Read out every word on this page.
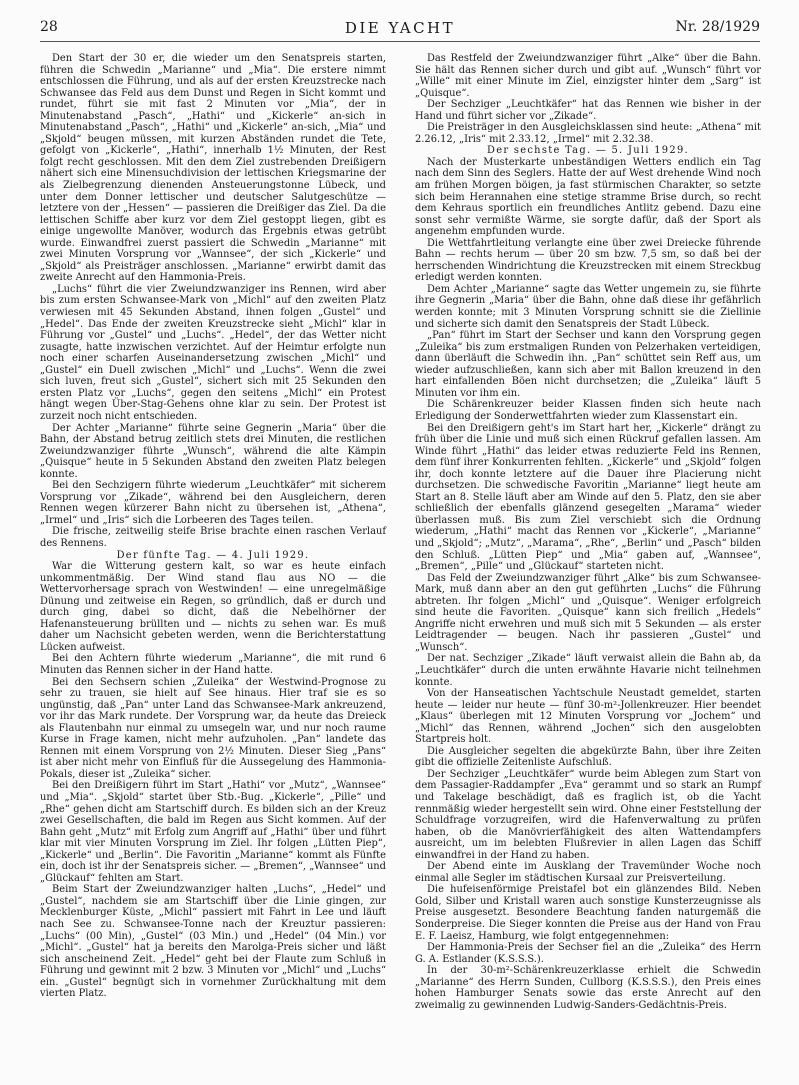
28	DIE YACHT	Nr. 28/1929

Den Start der 30 er, die wieder um den Senatspreis starten, führen die Schwedin „Marianne“ und „Mia“. Die erstere nimmt entschlossen die Führung, und als auf der ersten Kreuzstrecke nach Schwansee das Feld aus dem Dunst und Regen in Sicht kommt und rundet, führt sie mit fast 2 Minuten vor „Mia“, der in Minutenabstand „Pasch“, „Hathi“ und „Kickerle“ an-sich in Minutenabstand „Pasch“, „Hathi“ und „Kickerle“ an-sich, „Mia“ und „Skjold“ beugen müssen, mit kurzen Abständen rundet die Tete, gefolgt von „Kickerle“, „Hathi“, innerhalb 1½ Minuten, der Rest folgt recht geschlossen. Mit den dem Ziel zustrebenden Dreißigern nähert sich eine Minensuchdivision der lettischen Kriegsmarine der als Zielbegrenzung dienenden Ansteuerungstonne Lübeck, und unter dem Donner lettischer und deutscher Salutgeschütze — letztere von der „Hessen“ — passieren die Dreißiger das Ziel. Da die lettischen Schiffe aber kurz vor dem Ziel gestoppt liegen, gibt es einige ungewollte Manöver, wodurch das Ergebnis etwas getrübt wurde. Einwandfrei zuerst passiert die Schwedin „Marianne“ mit zwei Minuten Vorsprung vor „Wannsee“, der sich „Kickerle“ und „Skjold“ als Preisträger anschlossen. „Marianne“ erwirbt damit das zweite Anrecht auf den Hammonia-Preis.

„Luchs“ führt die vier Zweiundzwanziger ins Rennen, wird aber bis zum ersten Schwansee-Mark von „Michl“ auf den zweiten Platz verwiesen mit 45 Sekunden Abstand, ihnen folgen „Gustel“ und „Hedel“. Das Ende der zweiten Kreuzstrecke sieht „Michl“ klar in Führung vor „Gustel“ und „Luchs“. „Hedel“, der das Wetter nicht zusagte, hatte inzwischen verzichtet. Auf der Heimtur erfolgte nun noch einer scharfen Auseinandersetzung zwischen „Michl“ und „Gustel“ ein Duell zwischen „Michl“ und „Luchs“. Wenn die zwei sich luven, freut sich „Gustel“, sichert sich mit 25 Sekunden den ersten Platz vor „Luchs“, gegen den seitens „Michl“ ein Protest hängt wegen Über-Stag-Gehens ohne klar zu sein. Der Protest ist zurzeit noch nicht entschieden.

Der Achter „Marianne“ führte seine Gegnerin „Maria“ über die Bahn, der Abstand betrug zeitlich stets drei Minuten, die restlichen Zweiundzwanziger führte „Wunsch“, während die alte Kämpin „Quisque“ heute in 5 Sekunden Abstand den zweiten Platz belegen konnte.

Bei den Sechzigern führte wiederum „Leuchtkäfer“ mit sicherem Vorsprung vor „Zikade“, während bei den Ausgleichern, deren Rennen wegen kürzerer Bahn nicht zu übersehen ist, „Athena“, „Irmel“ und „Iris“ sich die Lorbeeren des Tages teilen.

Die frische, zeitweilig steife Brise brachte einen raschen Verlauf des Rennens.

Der fünfte Tag. — 4. Juli 1929.

War die Witterung gestern kalt, so war es heute einfach unkommentmäßig. Der Wind stand flau aus NO — die Wettervorhersage sprach von Westwinden! — eine unregelmäßige Dünung und zeitweise ein Regen, so gründlich, daß er durch und durch ging, dabei so dicht, daß die Nebelhörner der Hafenansteuerung brüllten und — nichts zu sehen war. Es muß daher um Nachsicht gebeten werden, wenn die Berichterstattung Lücken aufweist.

Bei den Achtern führte wiederum „Marianne“, die mit rund 6 Minuten das Rennen sicher in der Hand hatte.

Bei den Sechsern schien „Zuleika“ der Westwind-Prognose zu sehr zu trauen, sie hielt auf See hinaus. Hier traf sie es so ungünstig, daß „Pan“ unter Land das Schwansee-Mark ankreuzend, vor ihr das Mark rundete. Der Vorsprung war, da heute das Dreieck als Flautenbahn nur einmal zu umsegeln war, und nur noch raume Kurse in Frage kamen, nicht mehr aufzuholen. „Pan“ landete das Rennen mit einem Vorsprung von 2½ Minuten. Dieser Sieg „Pans“ ist aber nicht mehr von Einfluß für die Aussegelung des Hammonia-Pokals, dieser ist „Zuleika“ sicher.

Bei den Dreißigern führt im Start „Hathi“ vor „Mutz“, „Wannsee“ und „Mia“. „Skjold“ startet über Stb.-Bug. „Kickerle“, „Pille“ und „Rhe“ gehen dicht am Startschiff durch. Es bilden sich an der Kreuz zwei Gesellschaften, die bald im Regen aus Sicht kommen. Auf der Bahn geht „Mutz“ mit Erfolg zum Angriff auf „Hathi“ über und führt klar mit vier Minuten Vorsprung im Ziel. Ihr folgen „Lütten Piep“, „Kickerle“ und „Berlin“. Die Favoritin „Marianne“ kommt als Fünfte ein, doch ist ihr der Senatspreis sicher. — „Bremen“, „Wannsee“ und „Glückauf“ fehlten am Start.

Beim Start der Zweiundzwanziger halten „Luchs“, „Hedel“ und „Gustel“, nachdem sie am Startschiff über die Linie gingen, zur Mecklenburger Küste, „Michl“ passiert mit Fahrt in Lee und läuft nach See zu. Schwansee-Tonne nach der Kreuztur passieren: „Luchs“ (00 Min), „Gustel“ (03 Min.) und „Hedel“ (04 Min.) vor „Michl“. „Gustel“ hat ja bereits den Marolga-Preis sicher und läßt sich anscheinend Zeit. „Hedel“ geht bei der Flaute zum Schluß in Führung und gewinnt mit 2 bzw. 3 Minuten vor „Michl“ und „Luchs“ ein. „Gustel“ begnügt sich in vornehmer Zurückhaltung mit dem vierten Platz.

Das Restfeld der Zweiundzwanziger führt „Alke“ über die Bahn. Sie hält das Rennen sicher durch und gibt auf. „Wunsch“ führt vor „Wille“ mit einer Minute im Ziel, einzigster hinter dem „Sarg“ ist „Quisque“.

Der Sechziger „Leuchtkäfer“ hat das Rennen wie bisher in der Hand und führt sicher vor „Zikade“.

Die Preisträger in den Ausgleichsklassen sind heute: „Athena“ mit 2.26.12, „Iris“ mit 2.33.12, „Irmel“ mit 2.32.38.

Der sechste Tag. — 5. Juli 1929.

Nach der Musterkarte unbeständigen Wetters endlich ein Tag nach dem Sinn des Seglers. Hatte der auf West drehende Wind noch am frühen Morgen böigen, ja fast stürmischen Charakter, so setzte sich beim Herannahen eine stetige stramme Brise durch, so recht dem Kehraus sportlich ein freundliches Antlitz gebend. Dazu eine sonst sehr vermißte Wärme, sie sorgte dafür, daß der Sport als angenehm empfunden wurde.

Die Wettfahrtleitung verlangte eine über zwei Dreiecke führende Bahn — rechts herum — über 20 sm bzw. 7,5 sm, so daß bei der herrschenden Windrichtung die Kreuzstrecken mit einem Streckbug erledigt werden konnten.

Dem Achter „Marianne“ sagte das Wetter ungemein zu, sie führte ihre Gegnerin „Maria“ über die Bahn, ohne daß diese ihr gefährlich werden konnte; mit 3 Minuten Vorsprung schnitt sie die Ziellinie und sicherte sich damit den Senatspreis der Stadt Lübeck.

„Pan“ führt im Start der Sechser und kann den Vorsprung gegen „Zuleika“ bis zum erstmaligen Runden von Pelzerhaken verteidigen, dann überläuft die Schwedin ihn. „Pan“ schüttet sein Reff aus, um wieder aufzuschließen, kann sich aber mit Ballon kreuzend in den hart einfallenden Böen nicht durchsetzen; die „Zuleika“ läuft 5 Minuten vor ihm ein.

Die Schärenkreuzer beider Klassen finden sich heute nach Erledigung der Sonderwettfahrten wieder zum Klassenstart ein.

Bei den Dreißigern geht's im Start hart her, „Kickerle“ drängt zu früh über die Linie und muß sich einen Rückruf gefallen lassen. Am Winde führt „Hathi“ das leider etwas reduzierte Feld ins Rennen, dem fünf ihrer Konkurrenten fehlten. „Kickerle“ und „Skjold“ folgen ihr, doch konnte letztere auf die Dauer ihre Placierung nicht durchsetzen. Die schwedische Favoritin „Marianne“ liegt heute am Start an 8. Stelle läuft aber am Winde auf den 5. Platz, den sie aber schließlich der ebenfalls glänzend gesegelten „Marama“ wieder überlassen muß. Bis zum Ziel verschiebt sich die Ordnung wiederum, „Hathi“ macht das Rennen vor „Kickerle“, „Marianne“ und „Skjold“; „Mutz“, „Marama“, „Rhe“, „Berlin“ und „Pasch“ bilden den Schluß. „Lütten Piep“ und „Mia“ gaben auf, „Wannsee“, „Bremen“, „Pille“ und „Glückauf“ starteten nicht.

Das Feld der Zweiundzwanziger führt „Alke“ bis zum Schwansee-Mark, muß dann aber an den gut geführten „Luchs“ die Führung abtreten. Ihr folgen „Michl“ und „Quisque“. Weniger erfolgreich sind heute die Favoriten. „Quisque“ kann sich freilich „Hedels“ Angriffe nicht erwehren und muß sich mit 5 Sekunden — als erster Leidtragender — beugen. Nach ihr passieren „Gustel“ und „Wunsch“.

Der nat. Sechziger „Zikade“ läuft verwaist allein die Bahn ab, da „Leuchtkäfer“ durch die unten erwähnte Havarie nicht teilnehmen konnte.

Von der Hanseatischen Yachtschule Neustadt gemeldet, starten heute — leider nur heute — fünf 30-m²-Jollenkreuzer. Hier beendet „Klaus“ überlegen mit 12 Minuten Vorsprung vor „Jochem“ und „Michl“ das Rennen, während „Jochen“ sich den ausgelobten Startpreis holt.

Die Ausgleicher segelten die abgekürzte Bahn, über ihre Zeiten gibt die offizielle Zeitenliste Aufschluß.

Der Sechziger „Leuchtkäfer“ wurde beim Ablegen zum Start von dem Passagier-Raddampfer „Eva“ gerammt und so stark an Rumpf und Takelage beschädigt, daß es fraglich ist, ob die Yacht rennmäßig wieder hergestellt sein wird. Ohne einer Feststellung der Schuldfrage vorzugreifen, wird die Hafenverwaltung zu prüfen haben, ob die Manövrierfähigkeit des alten Wattendampfers ausreicht, um im belebten Flußrevier in allen Lagen das Schiff einwandfrei in der Hand zu haben.

Der Abend einte im Ausklang der Travemünder Woche noch einmal alle Segler im städtischen Kursaal zur Preisverteilung.

Die hufeisenförmige Preistafel bot ein glänzendes Bild. Neben Gold, Silber und Kristall waren auch sonstige Kunsterzeugnisse als Preise ausgesetzt. Besondere Beachtung fanden naturgemäß die Sonderpreise. Die Sieger konnten die Preise aus der Hand von Frau E. F. Laeisz, Hamburg, wie folgt entgegennehmen:

Der Hammonia-Preis der Sechser fiel an die „Zuleika“ des Herrn G. A. Estlander (K.S.S.S.).

In der 30-m²-Schärenkreuzerklasse erhielt die Schwedin „Marianne“ des Herrn Sunden, Cullborg (K.S.S.S.), den Preis eines hohen Hamburger Senats sowie das erste Anrecht auf den zweimalig zu gewinnenden Ludwig-Sanders-Gedächtnis-Preis.
